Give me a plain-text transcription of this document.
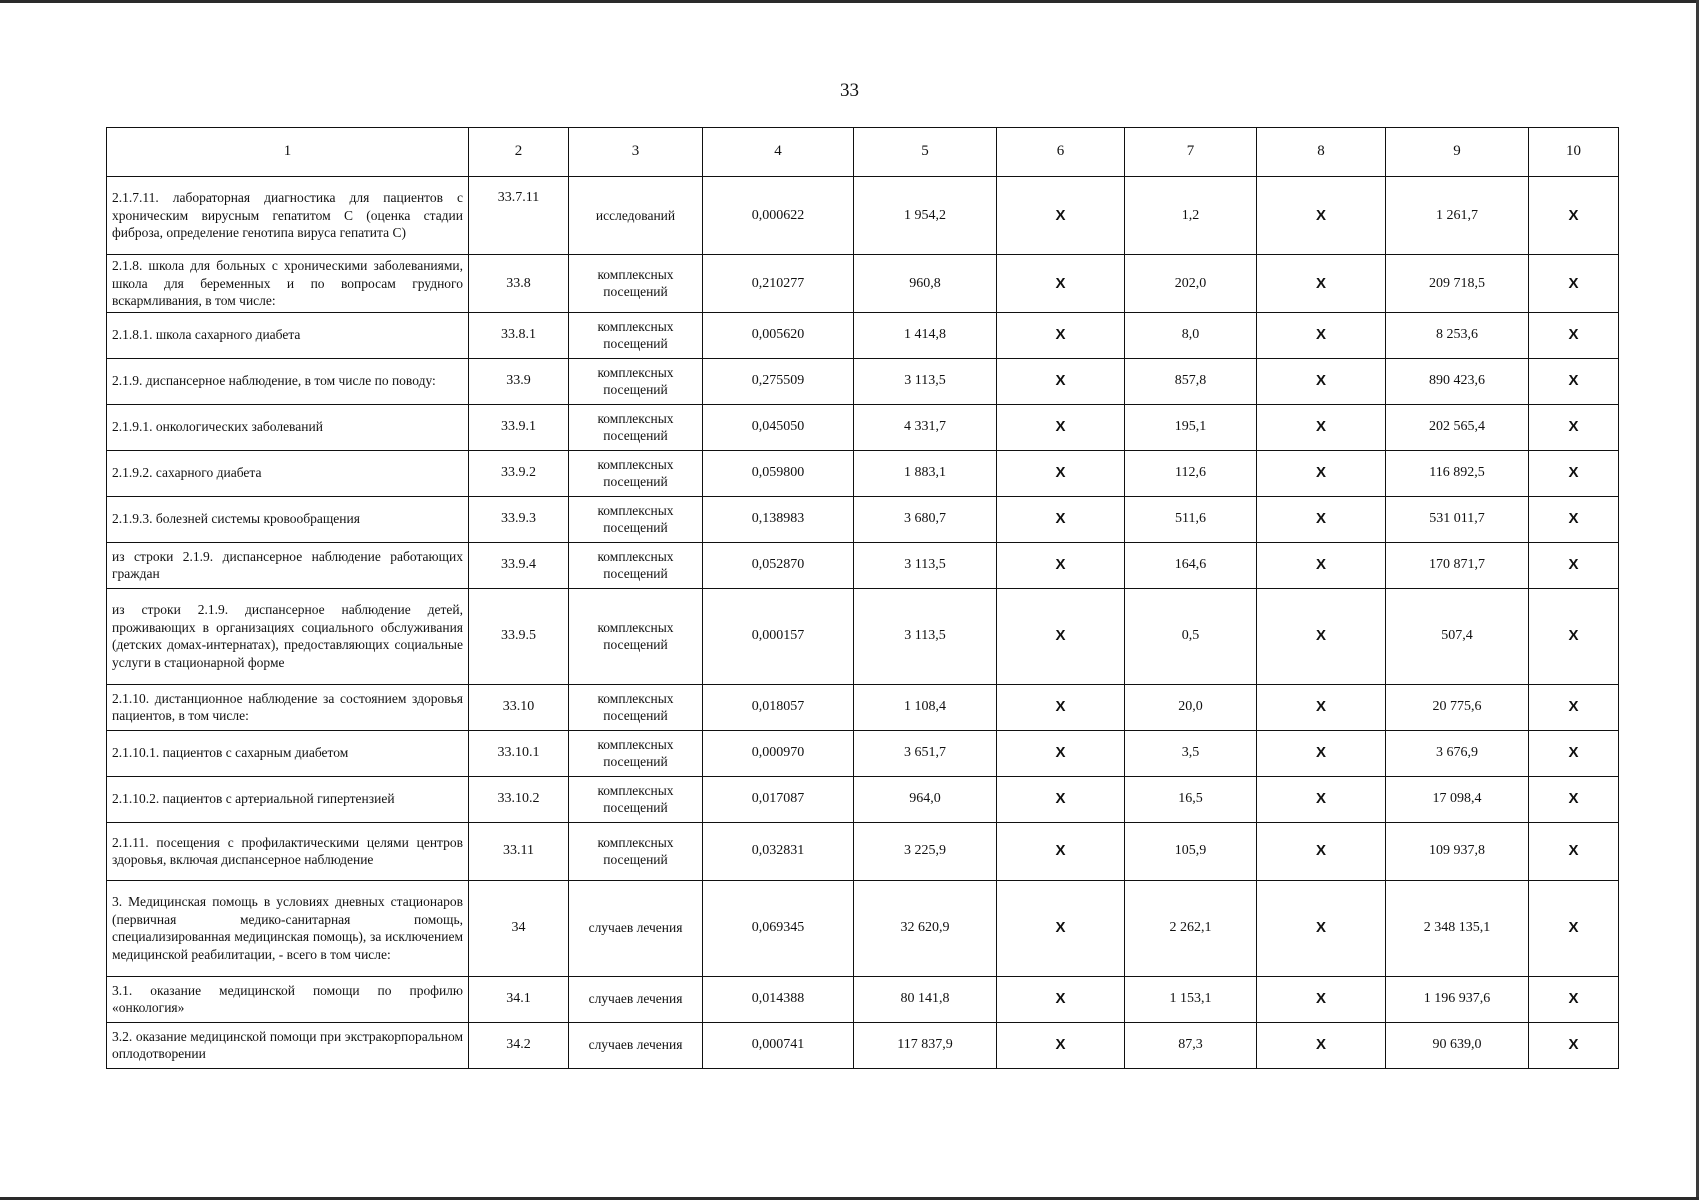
33
1	2	3	4	5	6	7	8	9	10
2.1.7.11. лабораторная диагностика для пациентов с хроническим вирусным гепатитом С (оценка стадии фиброза, определение генотипа вируса гепатита С)	33.7.11	исследований	0,000622	1 954,2	X	1,2	X	1 261,7	X
2.1.8. школа для больных с хроническими заболеваниями, школа для беременных и по вопросам грудного вскармливания, в том числе:	33.8	комплексных посещений	0,210277	960,8	X	202,0	X	209 718,5	X
2.1.8.1. школа сахарного диабета	33.8.1	комплексных посещений	0,005620	1 414,8	X	8,0	X	8 253,6	X
2.1.9. диспансерное наблюдение, в том числе по поводу:	33.9	комплексных посещений	0,275509	3 113,5	X	857,8	X	890 423,6	X
2.1.9.1. онкологических заболеваний	33.9.1	комплексных посещений	0,045050	4 331,7	X	195,1	X	202 565,4	X
2.1.9.2. сахарного диабета	33.9.2	комплексных посещений	0,059800	1 883,1	X	112,6	X	116 892,5	X
2.1.9.3. болезней системы кровообращения	33.9.3	комплексных посещений	0,138983	3 680,7	X	511,6	X	531 011,7	X
из строки 2.1.9. диспансерное наблюдение работающих граждан	33.9.4	комплексных посещений	0,052870	3 113,5	X	164,6	X	170 871,7	X
из строки 2.1.9. диспансерное наблюдение детей, проживающих в организациях социального обслуживания (детских домах-интернатах), предоставляющих социальные услуги в стационарной форме	33.9.5	комплексных посещений	0,000157	3 113,5	X	0,5	X	507,4	X
2.1.10. дистанционное наблюдение за состоянием здоровья пациентов, в том числе:	33.10	комплексных посещений	0,018057	1 108,4	X	20,0	X	20 775,6	X
2.1.10.1. пациентов с сахарным диабетом	33.10.1	комплексных посещений	0,000970	3 651,7	X	3,5	X	3 676,9	X
2.1.10.2. пациентов с артериальной гипертензией	33.10.2	комплексных посещений	0,017087	964,0	X	16,5	X	17 098,4	X
2.1.11. посещения с профилактическими целями центров здоровья, включая диспансерное наблюдение	33.11	комплексных посещений	0,032831	3 225,9	X	105,9	X	109 937,8	X
3. Медицинская помощь в условиях дневных стационаров (первичная медико-санитарная помощь, специализированная медицинская помощь), за исключением медицинской реабилитации, - всего в том числе:	34	случаев лечения	0,069345	32 620,9	X	2 262,1	X	2 348 135,1	X
3.1. оказание медицинской помощи по профилю «онкология»	34.1	случаев лечения	0,014388	80 141,8	X	1 153,1	X	1 196 937,6	X
3.2. оказание медицинской помощи при экстракорпоральном оплодотворении	34.2	случаев лечения	0,000741	117 837,9	X	87,3	X	90 639,0	X
